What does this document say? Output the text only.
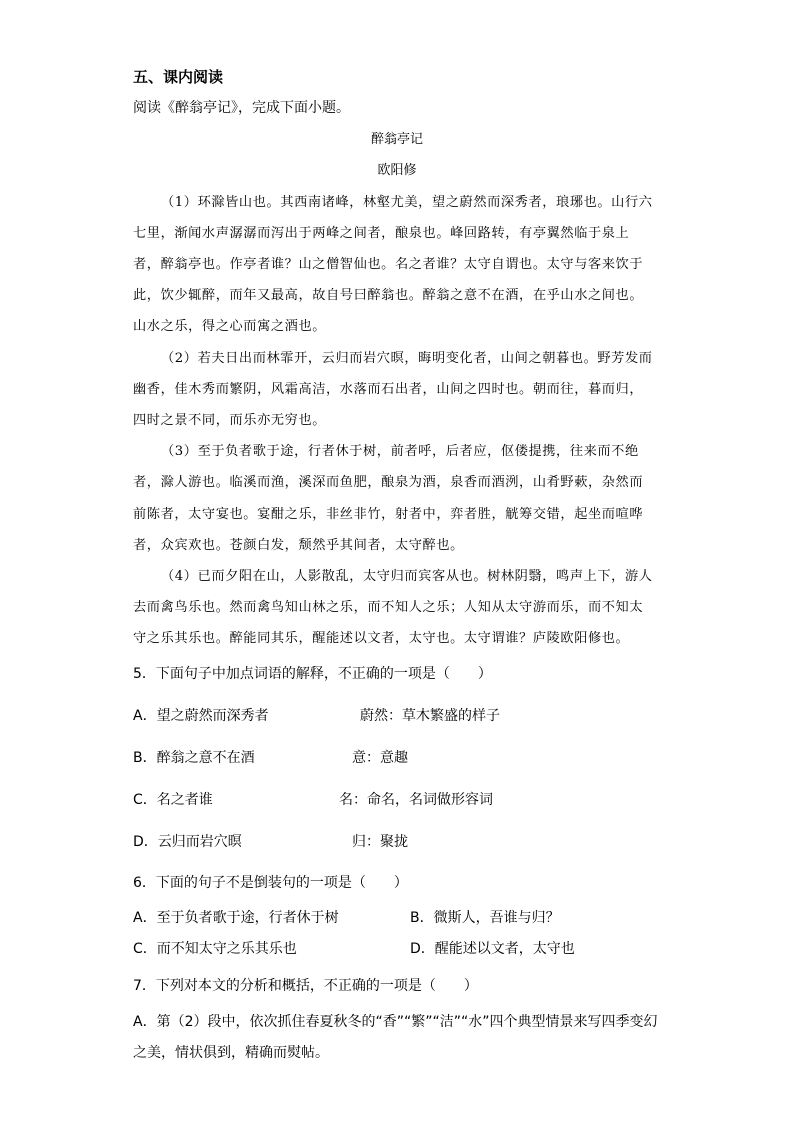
五、课内阅读
阅读《醉翁亭记》，完成下面小题。
醉翁亭记
欧阳修
（1）环滁皆山也。其西南诸峰，林壑尤美，望之蔚然而深秀者，琅琊也。山行六
七里，渐闻水声潺潺而泻出于两峰之间者，酿泉也。峰回路转，有亭翼然临于泉上
者，醉翁亭也。作亭者谁？山之僧智仙也。名之者谁？太守自谓也。太守与客来饮于
此，饮少辄醉，而年又最高，故自号曰醉翁也。醉翁之意不在酒，在乎山水之间也。
山水之乐，得之心而寓之酒也。
（2）若夫日出而林霏开，云归而岩穴暝，晦明变化者，山间之朝暮也。野芳发而
幽香，佳木秀而繁阴，风霜高洁，水落而石出者，山间之四时也。朝而往，暮而归，
四时之景不同，而乐亦无穷也。
（3）至于负者歌于途，行者休于树，前者呼，后者应，伛偻提携，往来而不绝
者，滁人游也。临溪而渔，溪深而鱼肥，酿泉为酒，泉香而酒洌，山肴野蔌，杂然而
前陈者，太守宴也。宴酣之乐，非丝非竹，射者中，弈者胜，觥筹交错，起坐而喧哗
者，众宾欢也。苍颜白发，颓然乎其间者，太守醉也。
（4）已而夕阳在山，人影散乱，太守归而宾客从也。树林阴翳，鸣声上下，游人
去而禽鸟乐也。然而禽鸟知山林之乐，而不知人之乐；人知从太守游而乐，而不知太
守之乐其乐也。醉能同其乐，醒能述以文者，太守也。太守谓谁？庐陵欧阳修也。
5．下面句子中加点词语的解释，不正确的一项是（　　）
A．望之蔚然而深秀者	蔚然：草木繁盛的样子
B．醉翁之意不在酒	意：意趣
C．名之者谁	名：命名，名词做形容词
D．云归而岩穴暝	归：聚拢
6．下面的句子不是倒装句的一项是（　　）
A．至于负者歌于途，行者休于树	B．微斯人，吾谁与归？
C．而不知太守之乐其乐也	D．醒能述以文者，太守也
7．下列对本文的分析和概括，不正确的一项是（　　）
A．第（2）段中，依次抓住春夏秋冬的“香”“繁”“洁”“水”四个典型情景来写四季变幻
之美，情状俱到，精确而熨帖。
